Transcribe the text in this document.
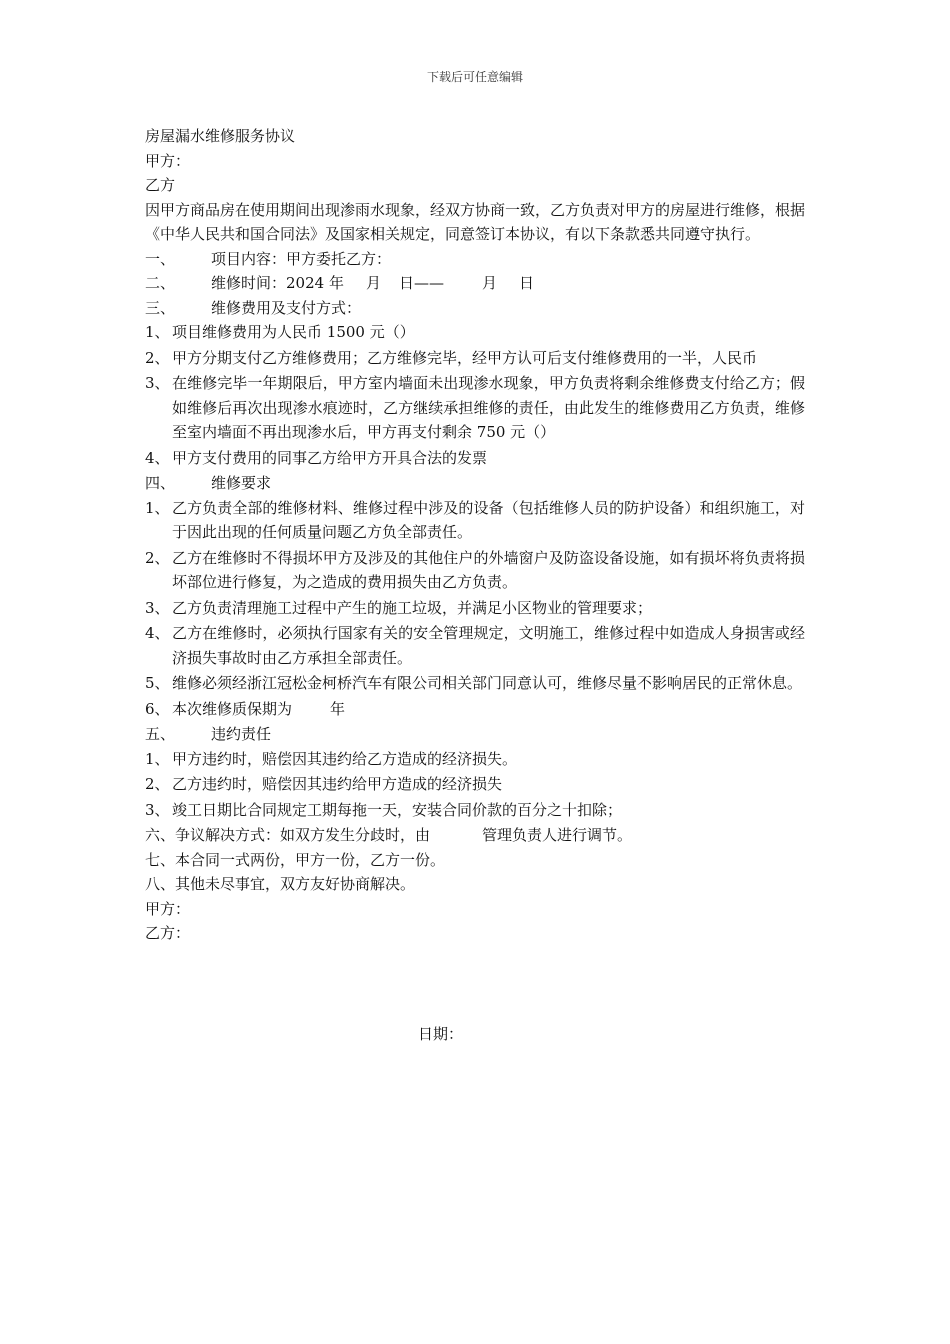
下载后可任意编辑
房屋漏水维修服务协议
甲方：
乙方

因甲方商品房在使用期间出现渗雨水现象，经双方协商一致，乙方负责对甲方的房屋进行维修，根据《中华人民共和国合同法》及国家相关规定，同意签订本协议，有以下条款悉共同遵守执行。

一、	项目内容：甲方委托乙方：
二、	维修时间：2024 年 月 日——	月 日
三、	维修费用及支付方式：
1、 项目维修费用为人民币 1500 元（）
2、 甲方分期支付乙方维修费用；乙方维修完毕，经甲方认可后支付维修费用的一半，人民币
3、 在维修完毕一年期限后，甲方室内墙面未出现渗水现象，甲方负责将剩余维修费支付给乙方；假如维修后再次出现渗水痕迹时，乙方继续承担维修的责任，由此发生的维修费用乙方负责，维修至室内墙面不再出现渗水后，甲方再支付剩余 750 元（）
4、 甲方支付费用的同事乙方给甲方开具合法的发票
四、	维修要求
1、 乙方负责全部的维修材料、维修过程中涉及的设备（包括维修人员的防护设备）和组织施工，对于因此出现的任何质量问题乙方负全部责任。
2、 乙方在维修时不得损坏甲方及涉及的其他住户的外墙窗户及防盗设备设施，如有损坏将负责将损坏部位进行修复，为之造成的费用损失由乙方负责。
3、 乙方负责清理施工过程中产生的施工垃圾，并满足小区物业的管理要求；
4、 乙方在维修时，必须执行国家有关的安全管理规定，文明施工，维修过程中如造成人身损害或经济损失事故时由乙方承担全部责任。
5、 维修必须经浙江冠松金柯桥汽车有限公司相关部门同意认可，维修尽量不影响居民的正常休息。
6、 本次维修质保期为	年
五、	违约责任
1、 甲方违约时，赔偿因其违约给乙方造成的经济损失。
2、 乙方违约时，赔偿因其违约给甲方造成的经济损失
3、 竣工日期比合同规定工期每拖一天，安装合同价款的百分之十扣除；
六、争议解决方式：如双方发生分歧时，由	管理负责人进行调节。
七、本合同一式两份，甲方一份，乙方一份。
八、其他未尽事宜，双方友好协商解决。
甲方：
乙方：
日期：
